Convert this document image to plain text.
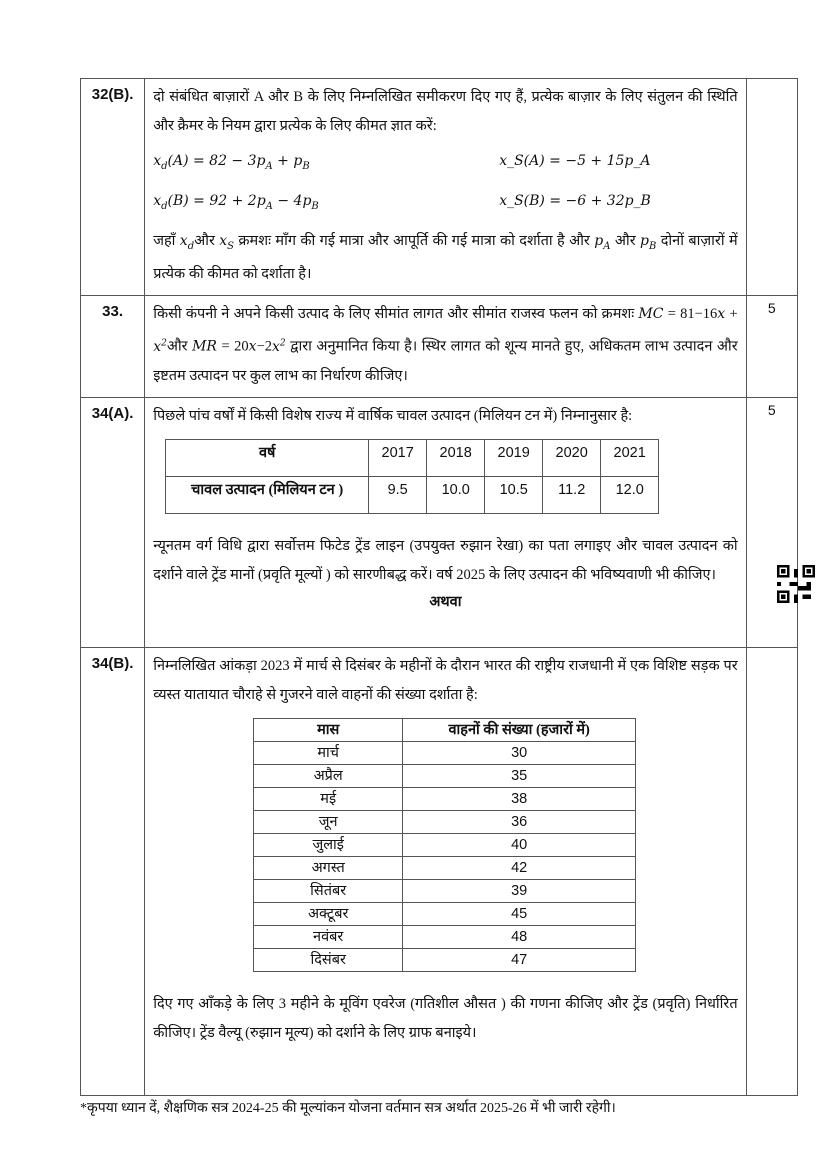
32(B).	दो संबंधित बाज़ारों A और B के लिए निम्नलिखित समीकरण दिए गए हैं, प्रत्येक बाज़ार के लिए संतुलन की स्थिति और क्रैमर के नियम द्वारा प्रत्येक के लिए कीमत ज्ञात करें:
$x_d(A) = 82 - 3p_A + p_B$	x_S(A) = −5 + 15p_A
$x_d(B) = 92 + 2p_A - 4p_B$	x_S(B) = −6 + 32p_B
जहाँ $x_dऔर$ $x_S$ क्रमशः माँग की गई मात्रा और आपूर्ति की गई मात्रा को दर्शाता है और $p_A$ और $p_B$ दोनों बाज़ारों में प्रत्येक की कीमत को दर्शाता है।

33.	किसी कंपनी ने अपने किसी उत्पाद के लिए सीमांत लागत और सीमांत राजस्व फलन को क्रमशः MC = $81-16x + x^2और$ MR = $20x-2x^2$ द्वारा अनुमानित किया है। स्थिर लागत को शून्य मानते हुए, अधिकतम लाभ उत्पादन और इष्टतम उत्पादन पर कुल लाभ का निर्धारण कीजिए।
	5
34(A).	पिछले पांच वर्षों में किसी विशेष राज्य में वार्षिक चावल उत्पादन (मिलियन टन में) निम्नानुसार है:
वर्ष	2017	2018	2019	2020	2021
चावल उत्पादन (मिलियन टन )	9.5	10.0	10.5	11.2	12.0
न्यूनतम वर्ग विधि द्वारा सर्वोत्तम फिटेड ट्रेंड लाइन (उपयुक्त रुझान रेखा) का पता लगाइए और चावल उत्पादन को दर्शाने वाले ट्रेंड मानों (प्रवृति मूल्यों ) को सारणीबद्ध करें। वर्ष 2025 के लिए उत्पादन की भविष्यवाणी भी कीजिए।
अथवा
	5
34(B).	निम्नलिखित आंकड़ा 2023 में मार्च से दिसंबर के महीनों के दौरान भारत की राष्ट्रीय राजधानी में एक विशिष्ट सड़क पर व्यस्त यातायात चौराहे से गुजरने वाले वाहनों की संख्या दर्शाता है:
मास	वाहनों की संख्या (हजारों में)
मार्च	30
अप्रैल	35
मई	38
जून	36
जुलाई	40
अगस्त	42
सितंबर	39
अक्टूबर	45
नवंबर	48
दिसंबर	47
दिए गए आँकड़े के लिए 3 महीने के मूविंग एवरेज (गतिशील औसत ) की गणना कीजिए और ट्रेंड (प्रवृति) निर्धारित कीजिए। ट्रेंड वैल्यू (रुझान मूल्य) को दर्शाने के लिए ग्राफ बनाइये।

*कृपया ध्यान दें, शैक्षणिक सत्र 2024-25 की मूल्यांकन योजना वर्तमान सत्र अर्थात 2025-26 में भी जारी रहेगी।
